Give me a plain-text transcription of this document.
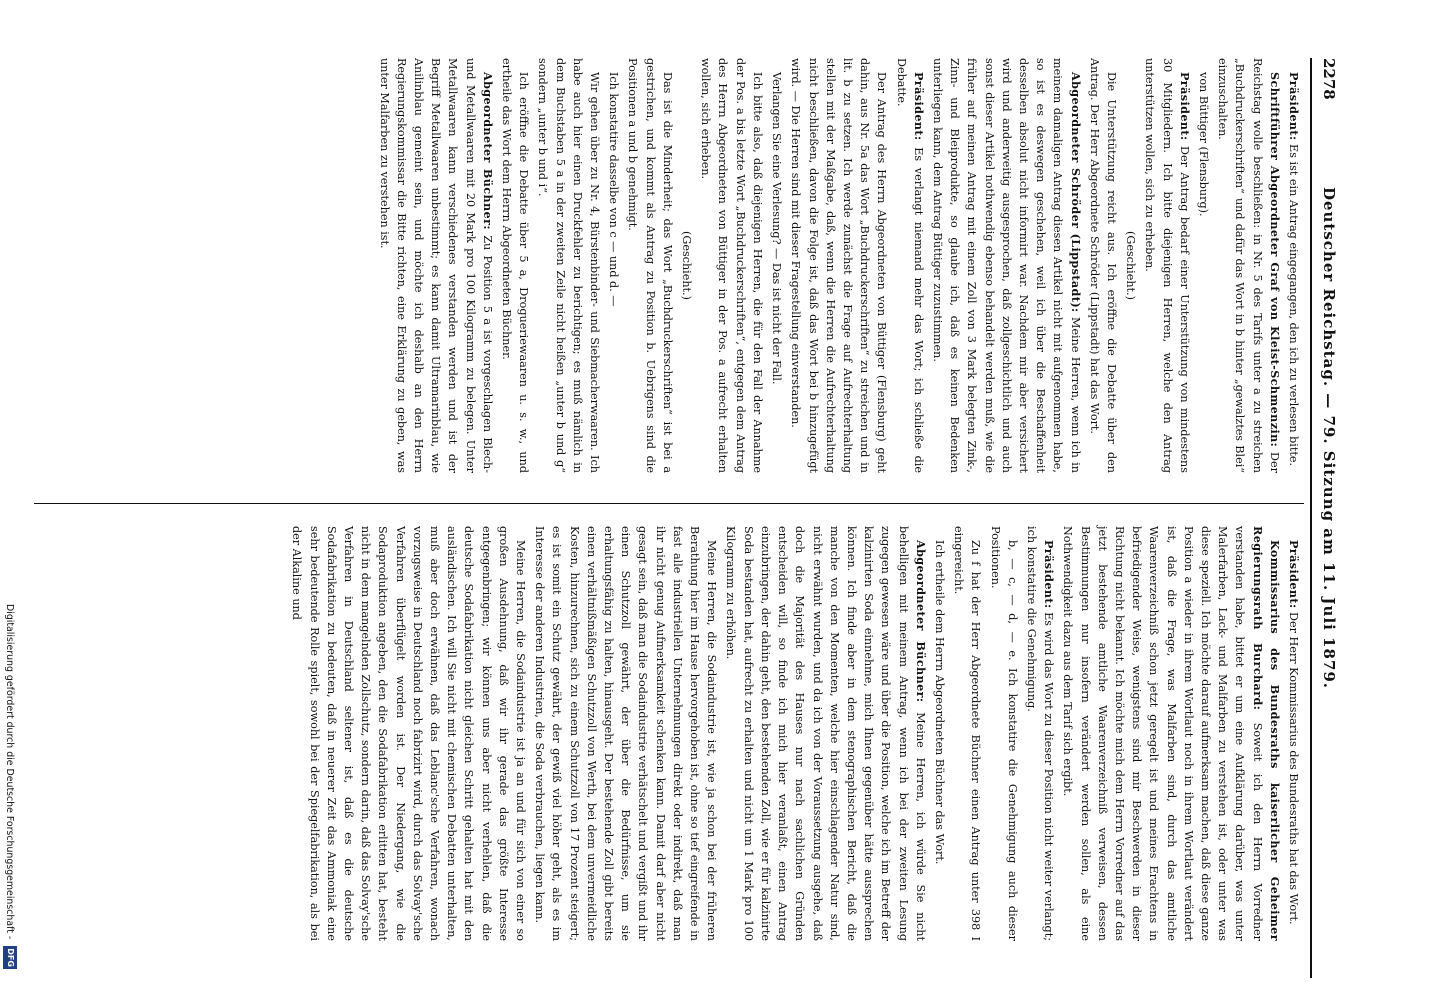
2278
Deutscher Reichstag. — 79. Sitzung am 11. Juli 1879.

Präsident: Es ist ein Antrag eingegangen, den ich zu verlesen bitte.

Schriftführer Abgeordneter Graf von Kleist-Schmenzin: Der Reichstag wolle beschließen: in Nr. 5 des Tarifs unter a zu streichen „Buchdruckerschriften“ und dafür das Wort in b hinter „gewalztes Blei“ einzuschalten.

von Büttiger (Flensburg).

Präsident: Der Antrag bedarf einer Unterstützung von mindestens 30 Mitgliedern. Ich bitte diejenigen Herren, welche den Antrag unterstützen wollen, sich zu erheben.

(Geschieht.)

Die Unterstützung reicht aus. Ich eröffne die Debatte über den Antrag. Der Herr Abgeordnete Schröder (Lippstadt) hat das Wort.

Abgeordneter Schröder (Lippstadt): Meine Herren, wenn ich in meinem damaligen Antrag diesen Artikel nicht mit aufgenommen habe, so ist es deswegen geschehen, weil ich über die Beschaffenheit desselben absolut nicht informirt war. Nachdem mir aber versichert wird und anderweitig ausgesprochen, daß zollgeschichtlich und auch sonst dieser Artikel nothwendig ebenso behandelt werden muß, wie die früher auf meinen Antrag mit einem Zoll von 3 Mark belegten Zink-, Zinn- und Bleiprodukte, so glaube ich, daß es keinen Bedenken unterliegen kann, dem Antrag Büttiger zuzustimmen.

Präsident: Es verlangt niemand mehr das Wort; ich schließe die Debatte.

Der Antrag des Herrn Abgeordneten von Büttiger (Flensburg) geht dahin, aus Nr. 5a das Wort „Buchdruckerschriften“ zu streichen und in lit. b zu setzen. Ich werde zunächst die Frage auf Aufrechterhaltung stellen mit der Maßgabe, daß, wenn die Herren die Aufrechterhaltung nicht beschließen, davon die Folge ist, daß das Wort bei b hinzugefügt wird. — Die Herren sind mit dieser Fragestellung einverstanden.

Verlangen Sie eine Verlesung? — Das ist nicht der Fall.

Ich bitte also, daß diejenigen Herren, die für den Fall der Annahme der Pos. a bis letzte Wort „Buchdruckerschriften“, entgegen dem Antrag des Herrn Abgeordneten von Büttiger in der Pos. a aufrecht erhalten wollen, sich erheben.

(Geschieht.)

Das ist die Minderheit; das Wort „Buchdruckerschriften“ ist bei a gestrichen, und kommt als Antrag zu Position b. Uebrigens sind die Positionen a und b genehmigt.

Ich konstatire dasselbe von c — und d. —

Wir gehen über zu Nr. 4, Bürstenbinder- und Siebmacherwaaren. Ich habe auch hier einen Druckfehler zu berichtigen; es muß nämlich in dem Buchstaben 5 a in der zweiten Zeile nicht heißen „unter b und g“ sondern „unter b und i“.

Ich eröffne die Debatte über 5 a, Drogueriewaaren u. s. w., und ertheile das Wort dem Herrn Abgeordneten Büchner.

Abgeordneter Büchner: Zu Position 5 a ist vorgeschlagen Blech- und Metallwaaren mit 20 Mark pro 100 Kilogramm zu belegen. Unter Metallwaaren kann verschiedenes verstanden werden und ist der Begriff Metallwaaren unbestimmt; es kann damit Ultramarinblau, wie Anilinblau gemeint sein, und möchte ich deshalb an den Herrn Regierungskommissar die Bitte richten, eine Erklärung zu geben, was unter Malfarben zu verstehen ist.

Präsident: Der Herr Kommissarius des Bundesraths hat das Wort.

Kommissarius des Bundesraths kaiserlicher Geheimer Regierungsrath Burchard: Soweit ich den Herrn Vorredner verstanden habe, bittet er um eine Aufklärung darüber, was unter Malerfarben, Lack- und Malfarben zu verstehen ist, oder unter was diese speziell. Ich möchte darauf aufmerksam machen, daß diese ganze Position a wieder in ihrem Wortlaut noch in ihrem Wortlaut verändert ist, daß die Frage, was Malfarben sind, durch das amtliche Waarenverzeichniß schon jetzt geregelt ist und meines Erachtens in befriedigender Weise, wenigstens sind mir Beschwerden in dieser Richtung nicht bekannt. Ich möchte mich dem Herrn Vorredner auf das jetzt bestehende amtliche Waarenverzeichniß verweisen, dessen Bestimmungen nur insofern verändert werden sollen, als eine Nothwendigkeit dazu aus dem Tarif sich ergibt.

Präsident: Es wird das Wort zu dieser Position nicht weiter verlangt; ich konstatire die Genehmigung.

b, — c, — d, — e. Ich konstatire die Genehmigung auch dieser Positionen.

Zu f hat der Herr Abgeordnete Büchner einen Antrag unter 398 I eingereicht.

Ich ertheile dem Herrn Abgeordneten Büchner das Wort.

Abgeordneter Büchner: Meine Herren, ich würde Sie nicht behelligen mit meinem Antrag, wenn ich bei der zweiten Lesung zugegen gewesen wäre und über die Position, welche ich im Betreff der kalzinirten Soda einnehme, mich Ihnen gegenüber hätte aussprechen können. Ich finde aber in dem stenographischen Bericht, daß die manche von den Momenten, welche hier einschlagender Natur sind, nicht erwähnt wurden, und da ich von der Voraussetzung ausgehe, daß doch die Majorität des Hauses nur nach sachlichen Gründen entscheiden will, so finde ich mich hier veranlaßt, einen Antrag einzubringen, der dahin geht, den bestehenden Zoll, wie er für kalzinirte Soda bestanden hat, aufrecht zu erhalten und nicht um 1 Mark pro 100 Kilogramm zu erhöhen.

Meine Herren, die Sodaindustrie ist, wie ja schon bei der früheren Berathung hier im Hause hervorgehoben ist, ohne so tief eingreifende in fast alle industriellen Unternehmungen direkt oder indirekt, daß man ihr nicht genug Aufmerksamkeit schenken kann. Damit darf aber nicht gesagt sein, daß man die Sodaindustrie verhätschelt und vergißt und ihr einen Schutzzoll gewährt, der über die Bedürfnisse, um sie erhaltungsfähig zu halten, hinausgeht. Der bestehende Zoll gibt bereits einen verhältnißmäßigen Schutzzoll von Werth, bei dem unvermeidliche Kosten, hinzurechnen, sich zu einem Schutzzoll von 17 Prozent steigert; es ist somit ein Schutz gewährt, der gewiß viel höher geht, als es im Interesse der anderen Industrien, die Soda verbrauchen, liegen kann.

Meine Herren, die Sodaindustrie ist ja an und für sich von einer so großen Ausdehnung, daß wir ihr gerade das größte Interesse entgegenbringen; wir können uns aber nicht verhehlen, daß die deutsche Sodafabrikation nicht gleichen Schritt gehalten hat mit den ausländischen. Ich will Sie nicht mit chemischen Debatten unterhalten, muß aber doch erwähnen, daß das Leblanc'sche Verfahren, wonach vorzugsweise in Deutschland noch fabrizirt wird, durch das Solvay'sche Verfahren überflügelt worden ist. Der Niedergang, wie die Sodaproduktion angeben, den die Sodafabrikation erlitten hat, besteht nicht in dem mangelnden Zollschutz, sondern darin, daß das Solvay'sche Verfahren in Deutschland seltener ist, daß es die deutsche Sodafabrikation zu bedeuten, daß in neuerer Zeit das Ammoniak eine sehr bedeutende Rolle spielt, sowohl bei der Spiegelfabrikation, als bei der Alkaline und

Digitalisierung gefördert durch die Deutsche Forschungsgemeinschaft - DFG
